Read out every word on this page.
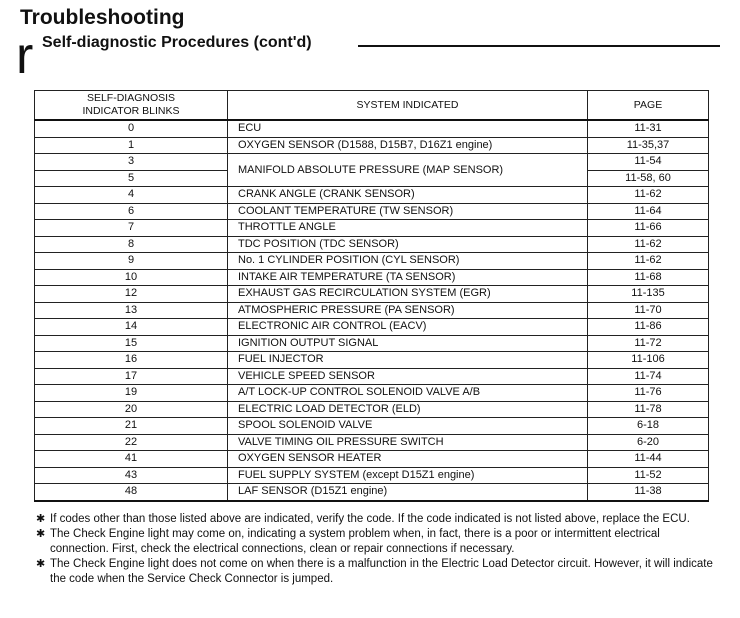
Troubleshooting
r Self-diagnostic Procedures (cont'd)
SELF-DIAGNOSIS
INDICATOR BLINKS	SYSTEM INDICATED	PAGE
0	ECU	11-31
1	OXYGEN SENSOR (D1588, D15B7, D16Z1 engine)	11-35,37
3	MANIFOLD ABSOLUTE PRESSURE (MAP SENSOR)	11-54
5		11-58, 60
4	CRANK ANGLE (CRANK SENSOR)	11-62
6	COOLANT TEMPERATURE (TW SENSOR)	11-64
7	THROTTLE ANGLE	11-66
8	TDC POSITION (TDC SENSOR)	11-62
9	No. 1 CYLINDER POSITION (CYL SENSOR)	11-62
10	INTAKE AIR TEMPERATURE (TA SENSOR)	11-68
12	EXHAUST GAS RECIRCULATION SYSTEM (EGR)	11-135
13	ATMOSPHERIC PRESSURE (PA SENSOR)	11-70
14	ELECTRONIC AIR CONTROL (EACV)	11-86
15	IGNITION OUTPUT SIGNAL	11-72
16	FUEL INJECTOR	11-106
17	VEHICLE SPEED SENSOR	11-74
19	A/T LOCK-UP CONTROL SOLENOID VALVE A/B	11-76
20	ELECTRIC LOAD DETECTOR (ELD)	11-78
21	SPOOL SOLENOID VALVE	6-18
22	VALVE TIMING OIL PRESSURE SWITCH	6-20
41	OXYGEN SENSOR HEATER	11-44
43	FUEL SUPPLY SYSTEM (except D15Z1 engine)	11-52
48	LAF SENSOR (D15Z1 engine)	11-38

✱ If codes other than those listed above are indicated, verify the code. If the code indicated is not listed above, replace the ECU.

✱ The Check Engine light may come on, indicating a system problem when, in fact, there is a poor or intermittent electrical connection. First, check the electrical connections, clean or repair connections if necessary.

✱ The Check Engine light does not come on when there is a malfunction in the Electric Load Detector circuit. However, it will indicate the code when the Service Check Connector is jumped.
